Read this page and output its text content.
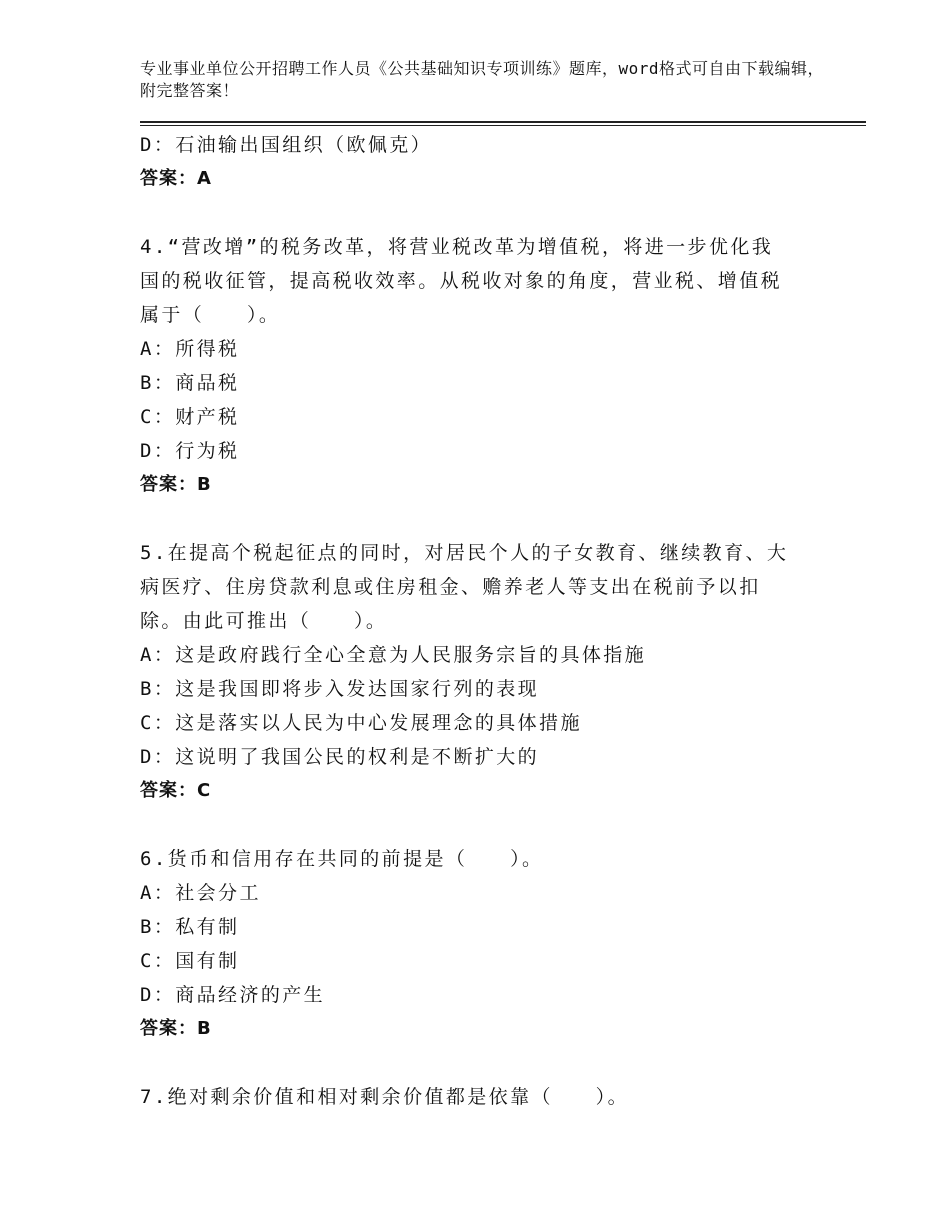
专业事业单位公开招聘工作人员《公共基础知识专项训练》题库，word格式可自由下载编辑，附完整答案！
D：石油输出国组织（欧佩克）
答案：A
4.“营改增”的税务改革，将营业税改革为增值税，将进一步优化我
国的税收征管，提高税收效率。从税收对象的角度，营业税、增值税
属于（　　）。
A：所得税
B：商品税
C：财产税
D：行为税
答案：B
5.在提高个税起征点的同时，对居民个人的子女教育、继续教育、大
病医疗、住房贷款利息或住房租金、赡养老人等支出在税前予以扣
除。由此可推出（　　）。
A：这是政府践行全心全意为人民服务宗旨的具体指施
B：这是我国即将步入发达国家行列的表现
C：这是落实以人民为中心发展理念的具体措施
D：这说明了我国公民的权利是不断扩大的
答案：C
6.货币和信用存在共同的前提是（　　）。
A：社会分工
B：私有制
C：国有制
D：商品经济的产生
答案：B
7.绝对剩余价值和相对剩余价值都是依靠（　　）。
